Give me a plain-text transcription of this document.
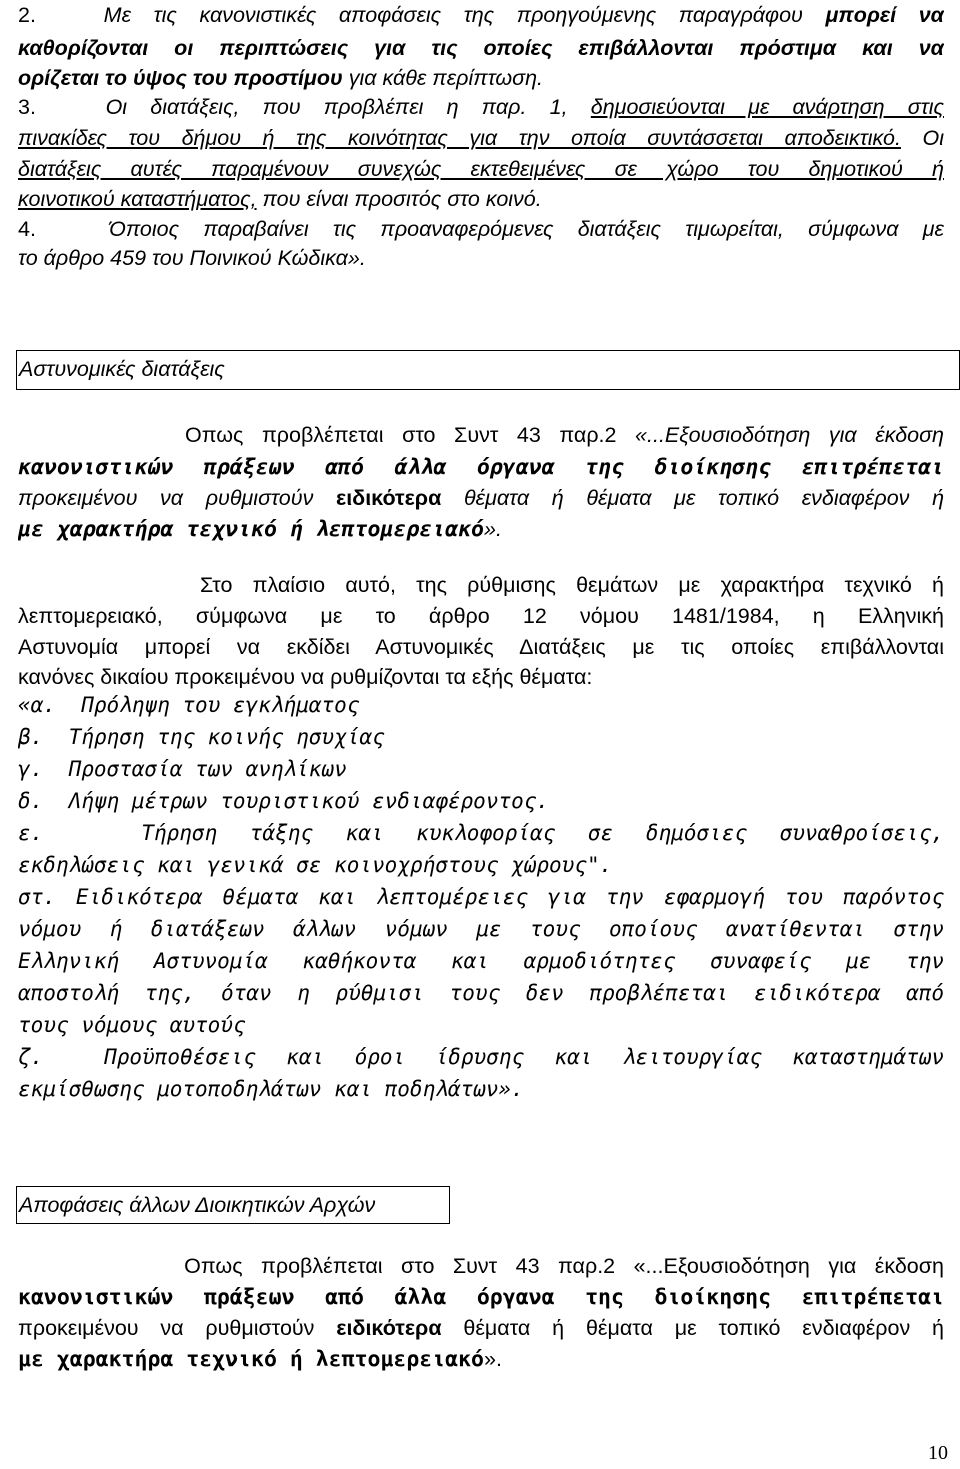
2.   Με τις κανονιστικές αποφάσεις της προηγούμενης παραγράφου μπορεί να
καθορίζονται οι περιπτώσεις για τις οποίες επιβάλλονται πρόστιμα και να
ορίζεται το ύψος του προστίμου για κάθε περίπτωση.
3.   Οι διατάξεις, που προβλέπει η παρ. 1, δημοσιεύονται με ανάρτηση στις
πινακίδες του δήμου ή της κοινότητας για την οποία συντάσσεται αποδεικτικό. Οι
διατάξεις αυτές παραμένουν συνεχώς εκτεθειμένες σε χώρο του δημοτικού ή
κοινοτικού καταστήματος, που είναι προσιτός στο κοινό.
4.   Όποιος παραβαίνει τις προαναφερόμενες διατάξεις τιμωρείται, σύμφωνα με
το άρθρο 459 του Ποινικού Κώδικα».
Οπως προβλέπεται στο Συντ 43 παρ.2 «...Εξουσιοδότηση για έκδοση
κανονιστικών πράξεων από άλλα όργανα της διοίκησης επιτρέπεται
προκειμένου να ρυθμιστούν ειδικότερα θέματα ή θέματα με τοπικό ενδιαφέρον ή
με χαρακτήρα τεχνικό ή λεπτομερειακό».
Στο πλαίσιο αυτό, της ρύθμισης θεμάτων με χαρακτήρα τεχνικό ή
λεπτομερειακό, σύμφωνα με το άρθρο 12 νόμου 1481/1984, η Ελληνική
Αστυνομία μπορεί να εκδίδει Αστυνομικές Διατάξεις με τις οποίες επιβάλλονται
κανόνες δικαίου προκειμένου να ρυθμίζονται τα εξής θέματα:
«α.  Πρόληψη του εγκλήματος
β.  Τήρηση της κοινής ησυχίας
γ.  Προστασία των ανηλίκων
δ.  Λήψη μέτρων τουριστικού ενδιαφέροντος.
ε.   Τήρηση τάξης και κυκλοφορίας σε δημόσιες συναθροίσεις,
εκδηλώσεις και γενικά σε κοινοχρήστους χώρους".
στ. Ειδικότερα θέματα και λεπτομέρειες για την εφαρμογή του παρόντος
νόμου ή διατάξεων άλλων νόμων με τους οποίους ανατίθενται στην
Ελληνική Αστυνομία καθήκοντα και αρμοδιότητες συναφείς με την
αποστολή της, όταν η ρύθμισι τους δεν προβλέπεται ειδικότερα από
τους νόμους αυτούς
ζ.  Προϋποθέσεις και όροι ίδρυσης και λειτουργίας καταστημάτων
εκμίσθωσης μοτοποδηλάτων και ποδηλάτων».
Οπως προβλέπεται στο Συντ 43 παρ.2 «...Εξουσιοδότηση για έκδοση
κανονιστικών πράξεων από άλλα όργανα της διοίκησης επιτρέπεται
προκειμένου να ρυθμιστούν ειδικότερα θέματα ή θέματα με τοπικό ενδιαφέρον ή
με χαρακτήρα τεχνικό ή λεπτομερειακό».
Αστυνομικές διατάξεις
Αποφάσεις άλλων Διοικητικών Αρχών
10
